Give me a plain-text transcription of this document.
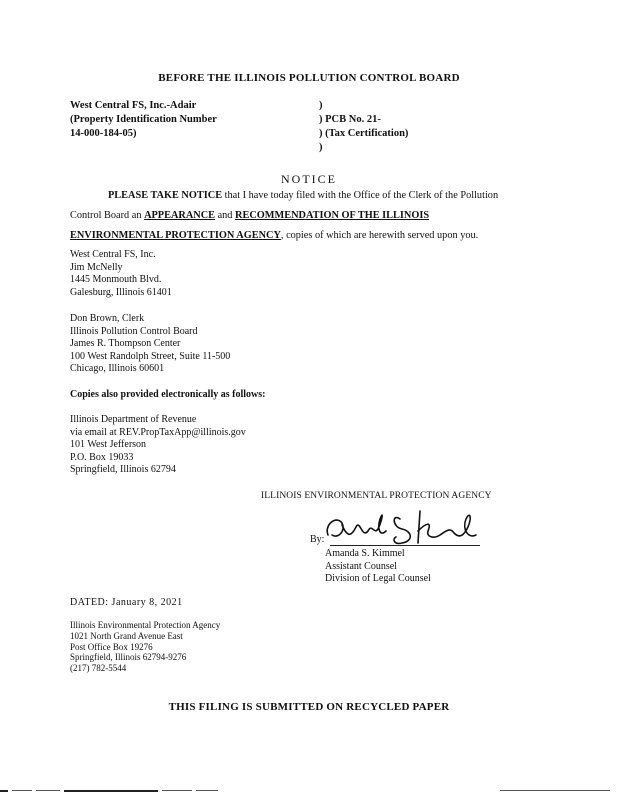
BEFORE THE ILLINOIS POLLUTION CONTROL BOARD
West Central FS, Inc.-Adair
(Property Identification Number
14-000-184-05)
)
) PCB No. 21-
) (Tax Certification)
)
NOTICE
PLEASE TAKE NOTICE that I have today filed with the Office of the Clerk of the Pollution Control Board an APPEARANCE and RECOMMENDATION OF THE ILLINOIS ENVIRONMENTAL PROTECTION AGENCY, copies of which are herewith served upon you.
West Central FS, Inc.
Jim McNelly
1445 Monmouth Blvd.
Galesburg, Illinois 61401
Don Brown, Clerk
Illinois Pollution Control Board
James R. Thompson Center
100 West Randolph Street, Suite 11-500
Chicago, Illinois 60601
Copies also provided electronically as follows:
Illinois Department of Revenue
via email at REV.PropTaxApp@illinois.gov
101 West Jefferson
P.O. Box 19033
Springfield, Illinois 62794
ILLINOIS ENVIRONMENTAL PROTECTION AGENCY
By:
Amanda S. Kimmel
Assistant Counsel
Division of Legal Counsel
DATED: January 8, 2021
Illinois Environmental Protection Agency
1021 North Grand Avenue East
Post Office Box 19276
Springfield, Illinois 62794-9276
(217) 782-5544
THIS FILING IS SUBMITTED ON RECYCLED PAPER
